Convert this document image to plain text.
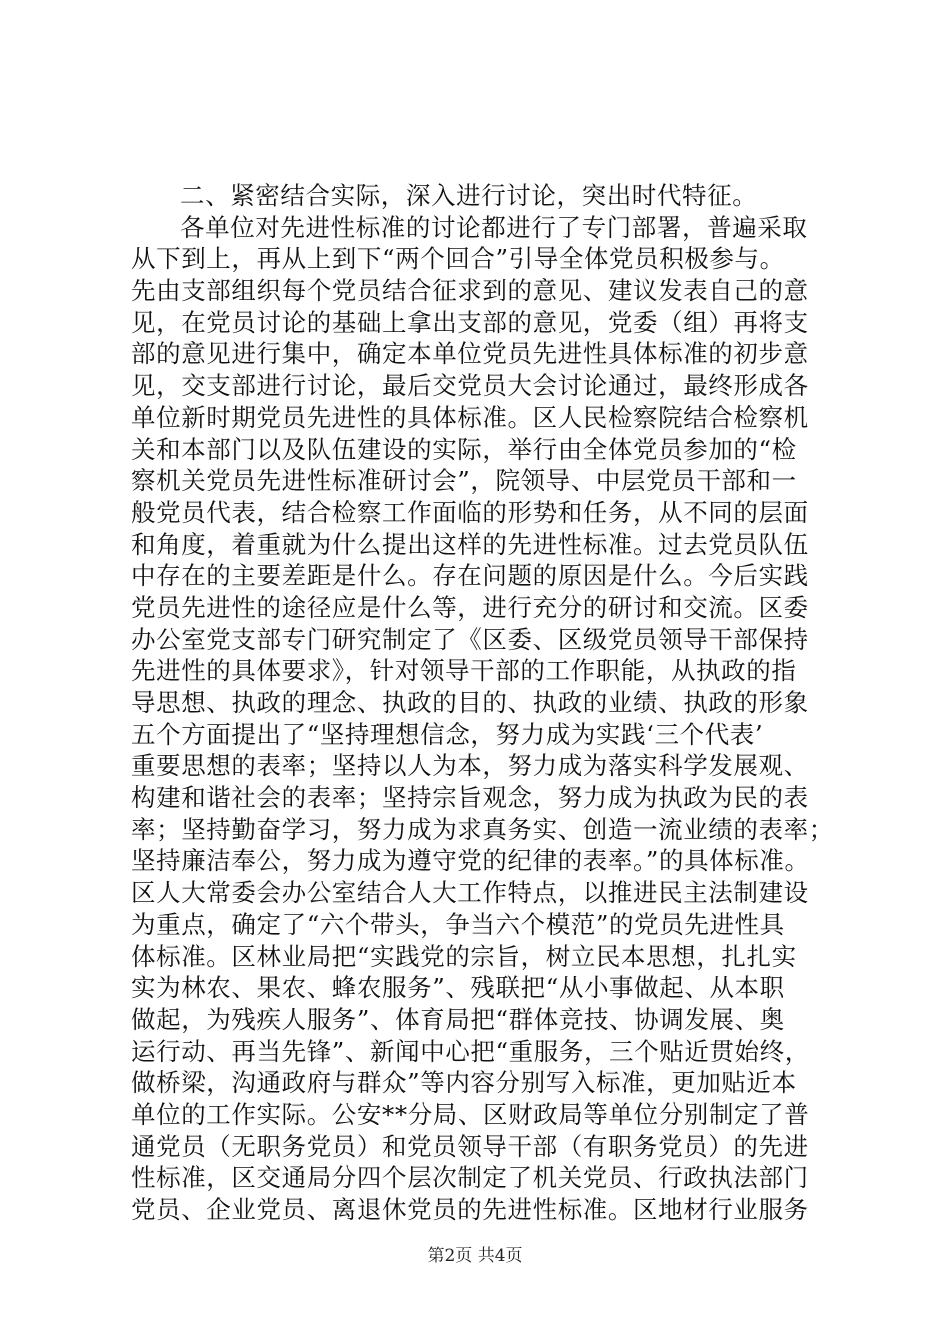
二、紧密结合实际，深入进行讨论，突出时代特征。
各单位对先进性标准的讨论都进行了专门部署，普遍采取
从下到上，再从上到下“两个回合”引导全体党员积极参与。
先由支部组织每个党员结合征求到的意见、建议发表自己的意
见，在党员讨论的基础上拿出支部的意见，党委（组）再将支
部的意见进行集中，确定本单位党员先进性具体标准的初步意
见，交支部进行讨论，最后交党员大会讨论通过，最终形成各
单位新时期党员先进性的具体标准。区人民检察院结合检察机
关和本部门以及队伍建设的实际，举行由全体党员参加的“检
察机关党员先进性标准研讨会”，院领导、中层党员干部和一
般党员代表，结合检察工作面临的形势和任务，从不同的层面
和角度，着重就为什么提出这样的先进性标准。过去党员队伍
中存在的主要差距是什么。存在问题的原因是什么。今后实践
党员先进性的途径应是什么等，进行充分的研讨和交流。区委
办公室党支部专门研究制定了《区委、区级党员领导干部保持
先进性的具体要求》，针对领导干部的工作职能，从执政的指
导思想、执政的理念、执政的目的、执政的业绩、执政的形象
五个方面提出了“坚持理想信念，努力成为实践‘三个代表’
重要思想的表率；坚持以人为本，努力成为落实科学发展观、
构建和谐社会的表率；坚持宗旨观念，努力成为执政为民的表
率；坚持勤奋学习，努力成为求真务实、创造一流业绩的表率；
坚持廉洁奉公，努力成为遵守党的纪律的表率。”的具体标准。
区人大常委会办公室结合人大工作特点，以推进民主法制建设
为重点，确定了“六个带头，争当六个模范”的党员先进性具
体标准。区林业局把“实践党的宗旨，树立民本思想，扎扎实
实为林农、果农、蜂农服务”、残联把“从小事做起、从本职
做起，为残疾人服务”、体育局把“群体竞技、协调发展、奥
运行动、再当先锋”、新闻中心把“重服务，三个贴近贯始终，
做桥梁，沟通政府与群众”等内容分别写入标准，更加贴近本
单位的工作实际。公安**分局、区财政局等单位分别制定了普
通党员（无职务党员）和党员领导干部（有职务党员）的先进
性标准，区交通局分四个层次制定了机关党员、行政执法部门
党员、企业党员、离退休党员的先进性标准。区地材行业服务
第2页 共4页
